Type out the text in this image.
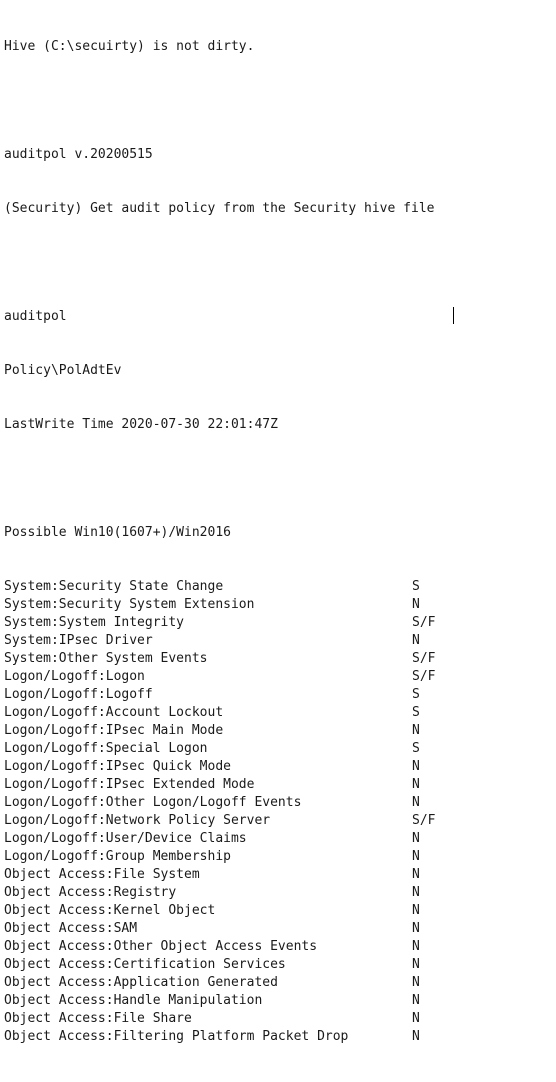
Hive (C:\secuirty) is not dirty.

auditpol v.20200515

(Security) Get audit policy from the Security hive file

auditpol

Policy\PolAdtEv

LastWrite Time 2020-07-30 22:01:47Z

Possible Win10(1607+)/Win2016

System:Security State Change	S
System:Security System Extension	N
System:System Integrity	S/F
System:IPsec Driver	N
System:Other System Events	S/F
Logon/Logoff:Logon	S/F
Logon/Logoff:Logoff	S
Logon/Logoff:Account Lockout	S
Logon/Logoff:IPsec Main Mode	N
Logon/Logoff:Special Logon	S
Logon/Logoff:IPsec Quick Mode	N
Logon/Logoff:IPsec Extended Mode	N
Logon/Logoff:Other Logon/Logoff Events	N
Logon/Logoff:Network Policy Server	S/F
Logon/Logoff:User/Device Claims	N
Logon/Logoff:Group Membership	N
Object Access:File System	N
Object Access:Registry	N
Object Access:Kernel Object	N
Object Access:SAM	N
Object Access:Other Object Access Events	N
Object Access:Certification Services	N
Object Access:Application Generated	N
Object Access:Handle Manipulation	N
Object Access:File Share	N
Object Access:Filtering Platform Packet Drop	N
